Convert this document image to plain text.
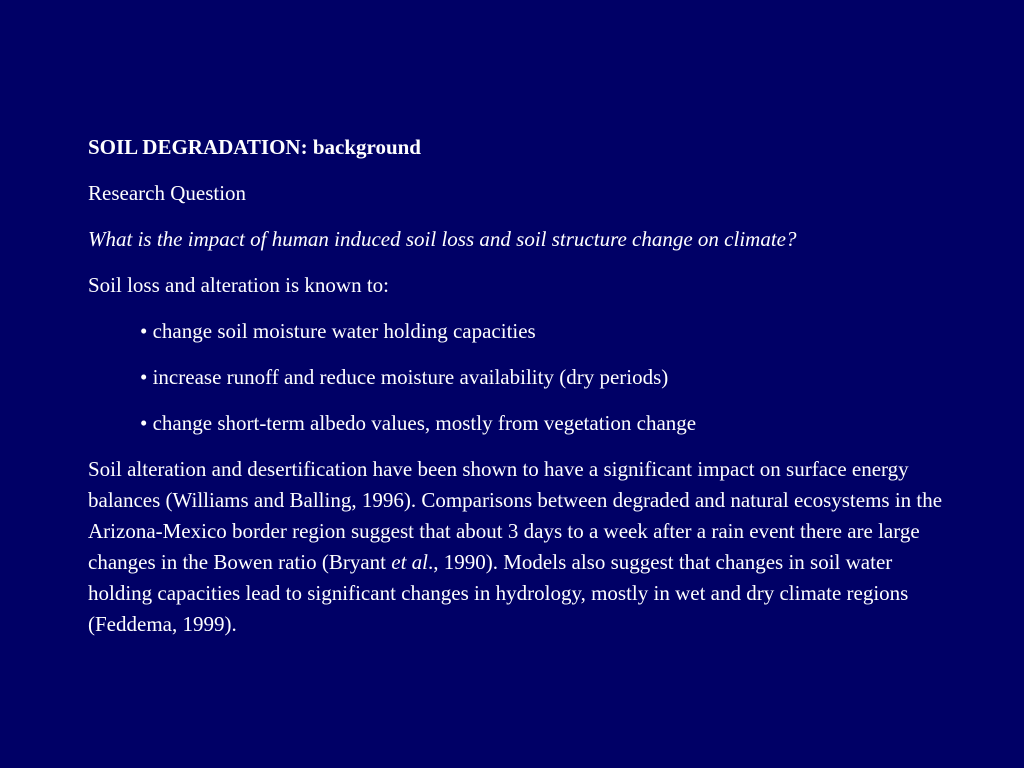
SOIL DEGRADATION: background
Research Question
What is the impact of human induced soil loss and soil structure change on climate?
Soil loss and alteration is known to:
• change soil moisture water holding capacities
• increase runoff and reduce moisture availability (dry periods)
• change short-term albedo values, mostly from vegetation change
Soil alteration and desertification have been shown to have a significant impact on surface energy balances (Williams and Balling, 1996). Comparisons between degraded and natural ecosystems in the Arizona-Mexico border region suggest that about 3 days to a week after a rain event there are large changes in the Bowen ratio (Bryant et al., 1990). Models also suggest that changes in soil water holding capacities lead to significant changes in hydrology, mostly in wet and dry climate regions (Feddema, 1999).
